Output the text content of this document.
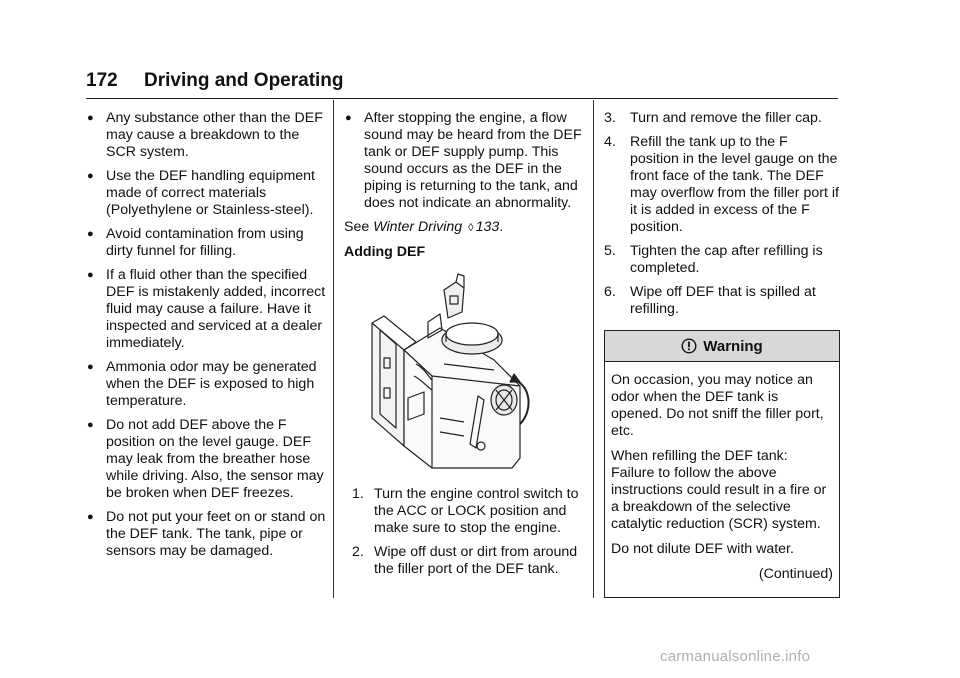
172	Driving and Operating
● Any substance other than the DEF may cause a breakdown to the SCR system.
● Use the DEF handling equipment made of correct materials (Polyethylene or Stainless-steel).
● Avoid contamination from using dirty funnel for filling.
● If a fluid other than the specified DEF is mistakenly added, incorrect fluid may cause a failure. Have it inspected and serviced at a dealer immediately.
● Ammonia odor may be generated when the DEF is exposed to high temperature.
● Do not add DEF above the F position on the level gauge. DEF may leak from the breather hose while driving. Also, the sensor may be broken when DEF freezes.
● Do not put your feet on or stand on the DEF tank. The tank, pipe or sensors may be damaged.
● After stopping the engine, a flow sound may be heard from the DEF tank or DEF supply pump. This sound occurs as the DEF in the piping is returning to the tank, and does not indicate an abnormality.

See Winter Driving ◊ 133.

Adding DEF

1. Turn the engine control switch to the ACC or LOCK position and make sure to stop the engine.
2. Wipe off dust or dirt from around the filler port of the DEF tank.
3. Turn and remove the filler cap.
4. Refill the tank up to the F position in the level gauge on the front face of the tank. The DEF may overflow from the filler port if it is added in excess of the F position.
5. Tighten the cap after refilling is completed.
6. Wipe off DEF that is spilled at refilling.
Warning

On occasion, you may notice an odor when the DEF tank is opened. Do not sniff the filler port, etc.

When refilling the DEF tank: Failure to follow the above instructions could result in a fire or a breakdown of the selective catalytic reduction (SCR) system.

Do not dilute DEF with water.

(Continued)

carmanualsonline.info
